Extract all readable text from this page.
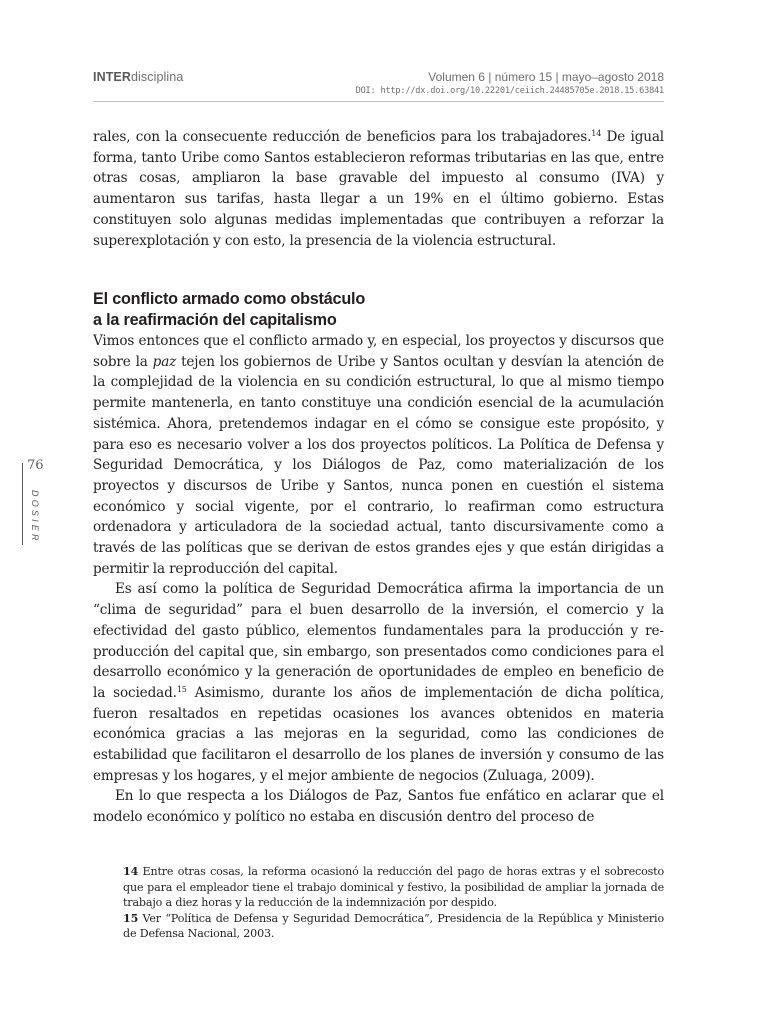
INTERdisciplina	Volumen 6 | número 15 | mayo–agosto 2018
DOI: http://dx.doi.org/10.22201/ceiich.24485705e.2018.15.63841
76
DOSIER

rales, con la consecuente reducción de beneficios para los trabajadores.$^{14}$ De igual forma, tanto Uribe como Santos establecieron reformas tributarias en las que, entre otras cosas, ampliaron la base gravable del impuesto al consumo (IVA) y aumentaron sus tarifas, hasta llegar a un 19% en el último gobierno. Estas constituyen solo algunas medidas implementadas que contribuyen a reforzar la superexplotación y con esto, la presencia de la violencia estructural.

El conflicto armado como obstáculo
a la reafirmación del capitalismo

Vimos entonces que el conflicto armado y, en especial, los proyectos y discursos que sobre la paz tejen los gobiernos de Uribe y Santos ocultan y desvían la atención de la complejidad de la violencia en su condición estructural, lo que al mismo tiempo permite mantenerla, en tanto constituye una condición esencial de la acumulación sistémica. Ahora, pretendemos indagar en el cómo se consigue este propósito, y para eso es necesario volver a los dos proyectos políticos. La Política de Defensa y Seguridad Democrática, y los Diálogos de Paz, como materialización de los proyectos y discursos de Uribe y Santos, nunca ponen en cuestión el sistema económico y social vigente, por el contrario, lo reafirman como estructura ordenadora y articuladora de la sociedad actual, tanto discursivamente como a través de las políticas que se derivan de estos grandes ejes y que están dirigidas a permitir la reproducción del capital.

Es así como la política de Seguridad Democrática afirma la importancia de un “clima de seguridad” para el buen desarrollo de la inversión, el comercio y la efectividad del gasto público, elementos fundamentales para la producción y reproducción del capital que, sin embargo, son presentados como condiciones para el desarrollo económico y la generación de oportunidades de empleo en beneficio de la sociedad.$^{15}$ Asimismo, durante los años de implementación de dicha política, fueron resaltados en repetidas ocasiones los avances obtenidos en materia económica gracias a las mejoras en la seguridad, como las condiciones de estabilidad que facilitaron el desarrollo de los planes de inversión y consumo de las empresas y los hogares, y el mejor ambiente de negocios (Zuluaga, 2009).

En lo que respecta a los Diálogos de Paz, Santos fue enfático en aclarar que el modelo económico y político no estaba en discusión dentro del proceso de

14 Entre otras cosas, la reforma ocasionó la reducción del pago de horas extras y el sobrecosto que para el empleador tiene el trabajo dominical y festivo, la posibilidad de ampliar la jornada de trabajo a diez horas y la reducción de la indemnización por despido.

15 Ver “Política de Defensa y Seguridad Democrática”, Presidencia de la República y Ministerio de Defensa Nacional, 2003.
